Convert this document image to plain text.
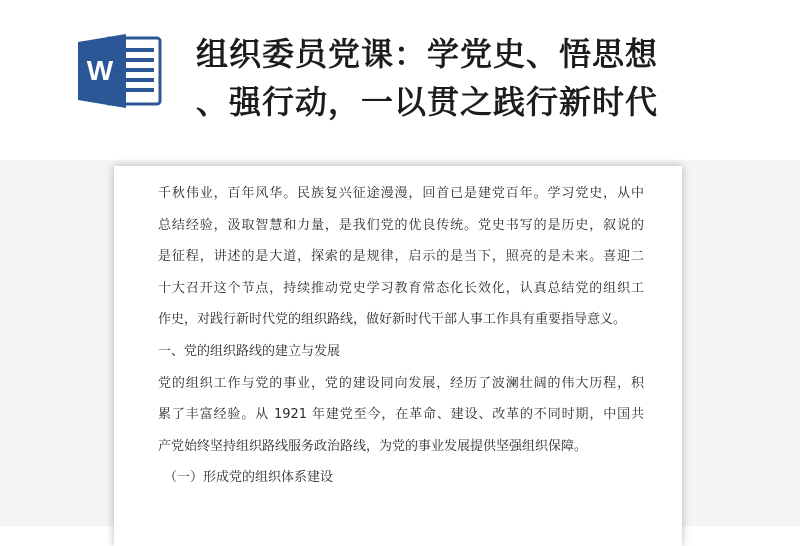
W	组织委员党课：学党史、悟思想
、强行动，一以贯之践行新时代
千秋伟业，百年风华。民族复兴征途漫漫，回首已是建党百年。学习党史，从中
总结经验，汲取智慧和力量，是我们党的优良传统。党史书写的是历史，叙说的
是征程，讲述的是大道，探索的是规律，启示的是当下，照亮的是未来。喜迎二
十大召开这个节点，持续推动党史学习教育常态化长效化，认真总结党的组织工
作史，对践行新时代党的组织路线，做好新时代干部人事工作具有重要指导意义。
一、党的组织路线的建立与发展
党的组织工作与党的事业，党的建设同向发展，经历了波澜壮阔的伟大历程，积
累了丰富经验。从 1921 年建党至今，在革命、建设、改革的不同时期，中国共
产党始终坚持组织路线服务政治路线，为党的事业发展提供坚强组织保障。
（一）形成党的组织体系建设
